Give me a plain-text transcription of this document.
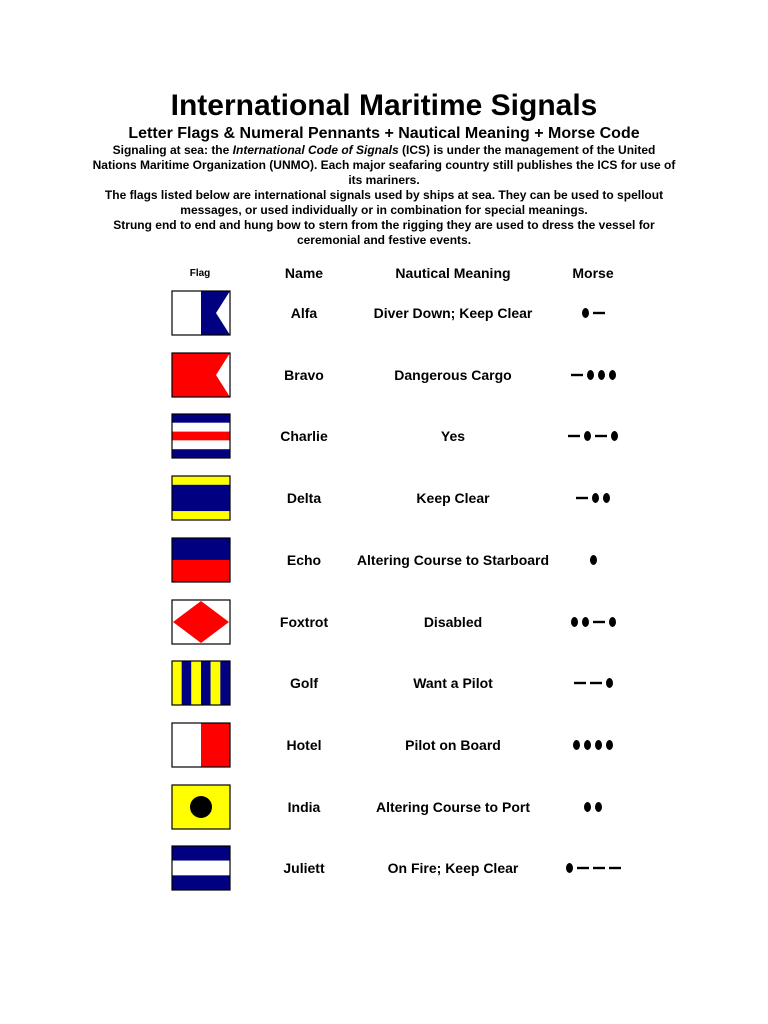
International Maritime Signals
Letter Flags & Numeral Pennants + Nautical Meaning + Morse Code

Signaling at sea: the International Code of Signals (ICS) is under the management of the United Nations Maritime Organization (UNMO). Each major seafaring country still publishes the ICS for use of its mariners.

The flags listed below are international signals used by ships at sea. They can be used to spellout messages, or used individually or in combination for special meanings.

Strung end to end and hung bow to stern from the rigging they are used to dress the vessel for ceremonial and festive events.

Flag	Name	Nautical Meaning	Morse
Alfa	Diver Down; Keep Clear
Bravo	Dangerous Cargo
Charlie	Yes
Delta	Keep Clear
Echo	Altering Course to Starboard
Foxtrot	Disabled
Golf	Want a Pilot
Hotel	Pilot on Board
India	Altering Course to Port
Juliett	On Fire; Keep Clear
